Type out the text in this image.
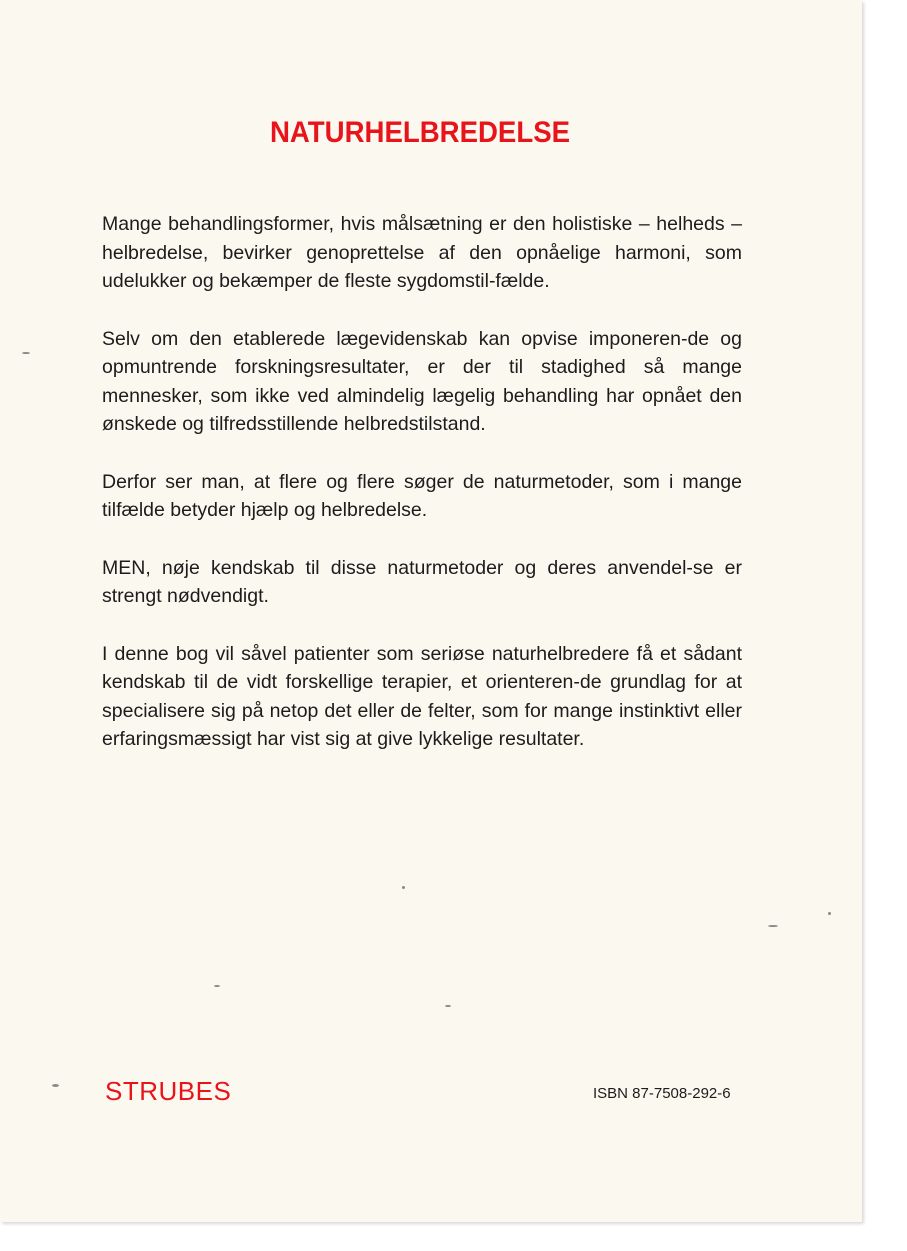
NATURHELBREDELSE

Mange behandlingsformer, hvis målsætning er den holistiske – helheds – helbredelse, bevirker genoprettelse af den opnåelige harmoni, som udelukker og bekæmper de fleste sygdomstil-fælde.

Selv om den etablerede lægevidenskab kan opvise imponeren-de og opmuntrende forskningsresultater, er der til stadighed så mange mennesker, som ikke ved almindelig lægelig behandling har opnået den ønskede og tilfredsstillende helbredstilstand.

Derfor ser man, at flere og flere søger de naturmetoder, som i mange tilfælde betyder hjælp og helbredelse.

MEN, nøje kendskab til disse naturmetoder og deres anvendel-se er strengt nødvendigt.

I denne bog vil såvel patienter som seriøse naturhelbredere få et sådant kendskab til de vidt forskellige terapier, et orienteren-de grundlag for at specialisere sig på netop det eller de felter, som for mange instinktivt eller erfaringsmæssigt har vist sig at give lykkelige resultater.

STRUBES	ISBN 87-7508-292-6
